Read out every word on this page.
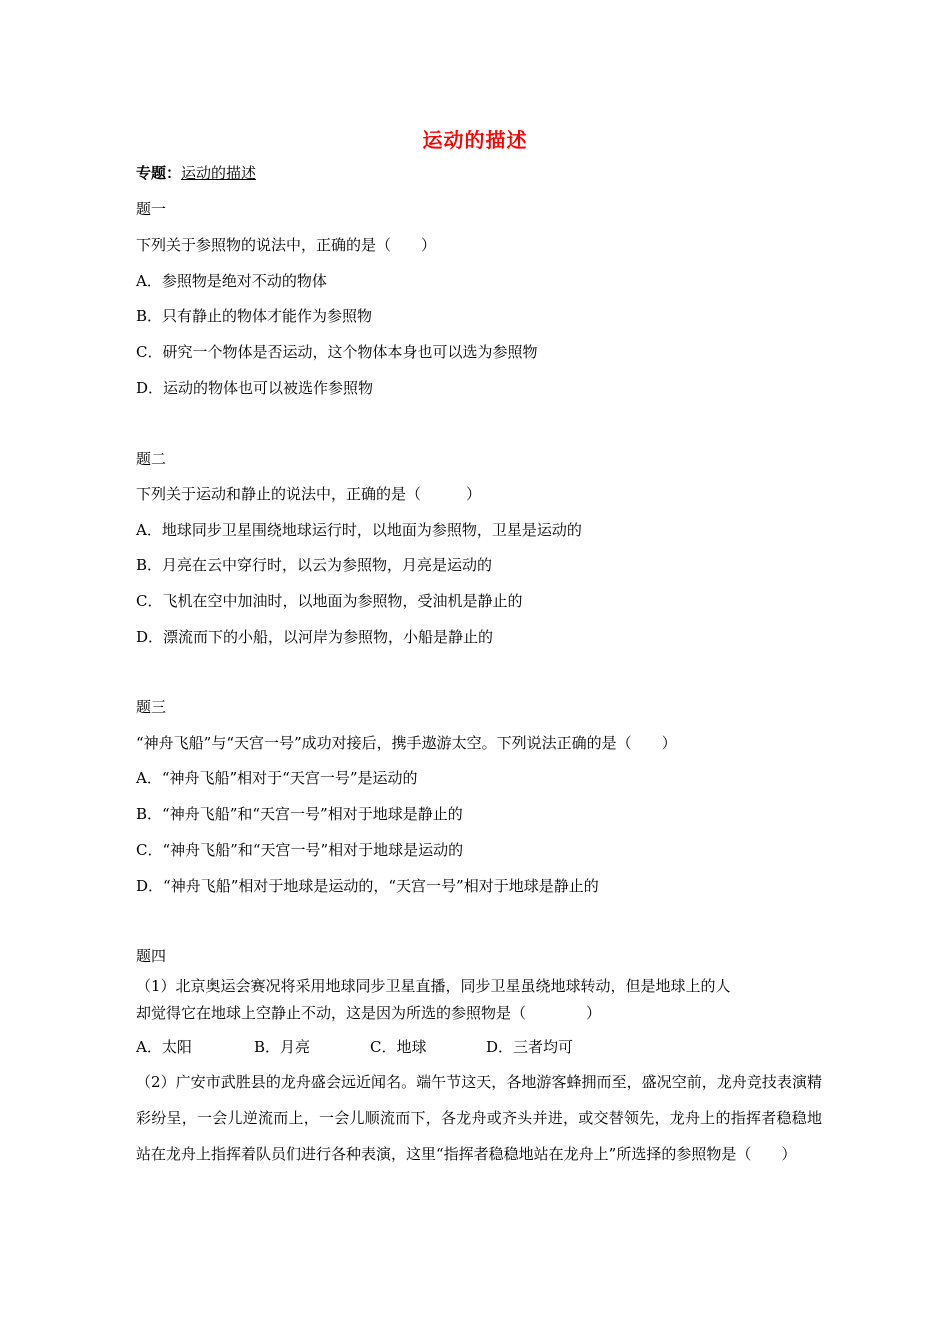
运动的描述
专题：运动的描述
题一
下列关于参照物的说法中，正确的是（　　）
A．参照物是绝对不动的物体
B．只有静止的物体才能作为参照物
C．研究一个物体是否运动，这个物体本身也可以选为参照物
D．运动的物体也可以被选作参照物
题二
下列关于运动和静止的说法中，正确的是（　　　）
A．地球同步卫星围绕地球运行时，以地面为参照物，卫星是运动的
B．月亮在云中穿行时，以云为参照物，月亮是运动的
C．飞机在空中加油时，以地面为参照物，受油机是静止的
D．漂流而下的小船，以河岸为参照物，小船是静止的
题三
“神舟飞船”与“天宫一号”成功对接后，携手遨游太空。下列说法正确的是（　　）
A．“神舟飞船”相对于“天宫一号”是运动的
B．“神舟飞船”和“天宫一号”相对于地球是静止的
C．“神舟飞船”和“天宫一号”相对于地球是运动的
D．“神舟飞船”相对于地球是运动的，“天宫一号”相对于地球是静止的
题四
（1）北京奥运会赛况将采用地球同步卫星直播，同步卫星虽绕地球转动，但是地球上的人
却觉得它在地球上空静止不动，这是因为所选的参照物是（　　　　）
A．太阳	B．月亮	C．地球	D．三者均可
（2）广安市武胜县的龙舟盛会远近闻名。端午节这天，各地游客蜂拥而至，盛况空前，龙舟竞技表演精彩纷呈，一会儿逆流而上，一会儿顺流而下，各龙舟或齐头并进，或交替领先，龙舟上的指挥者稳稳地站在龙舟上指挥着队员们进行各种表演，这里“指挥者稳稳地站在龙舟上”所选择的参照物是（　　）
